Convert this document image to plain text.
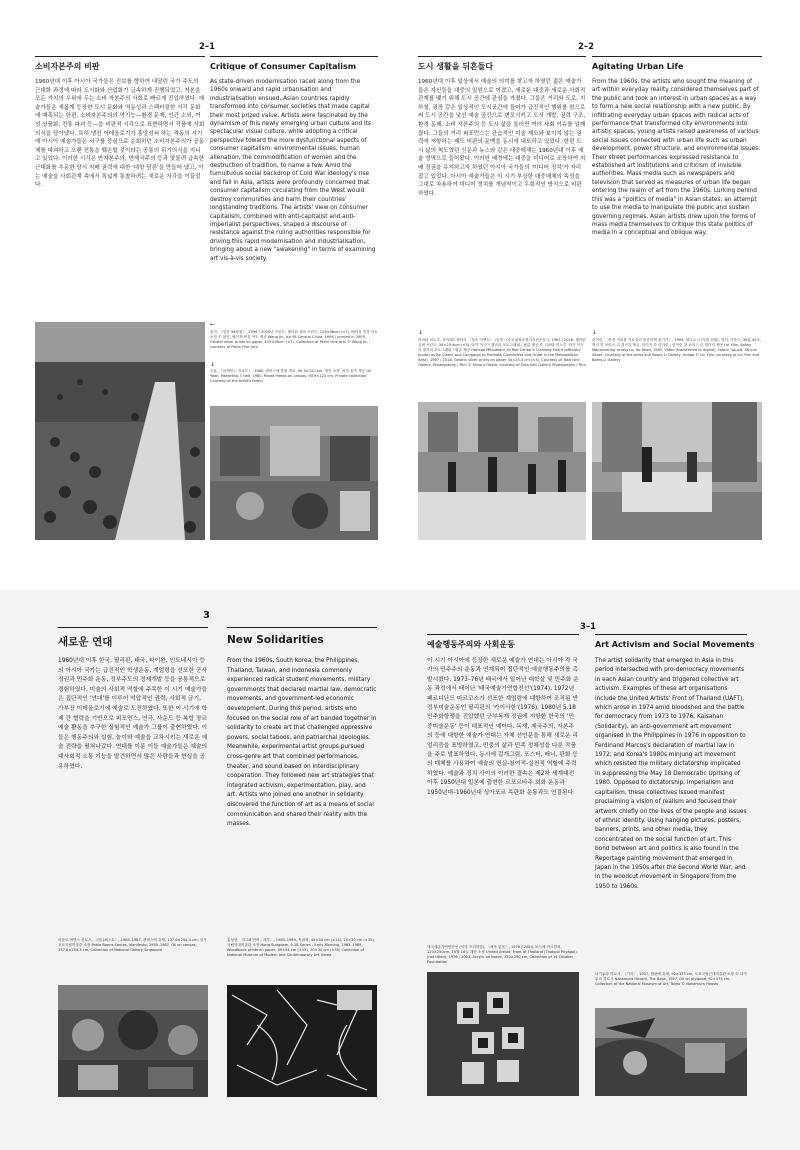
2–1
소비자본주의 비판	Critique of Consumer Capitalism
1960년대 이후 아시아 국가들은 진보를 향하여 내달린 국가 주도의 근대화 과정에 따라 도시화와 산업화가 급속하게 진행되었고, 자본을 모든 가치의 우위에 두는 소비 자본주의 사회로 빠르게 진입하였다. 예술가들은 새롭게 등장한 도시 문화와 역동성과 스펙터클한 시각 문화에 매혹되는 한편, 소비자본주의의 역기능—환경 문제, 인간 소외, 여성 상품화, 전통 파괴 등—을 비판적 시각으로 표현하면서 작품에 사회의식을 담아냈다. 특히 냉전 이데올로기가 흥망성쇠 하는 격동의 시기에 아시아 예술가들은 서구를 중심으로 순회하던 소비자본주의가 공동체를 파괴하고 오랜 전통을 훼손할 것이라는 공통의 위기의식을 지니고 있었다. 이러한 시각은 반자본주의, 반제국주의 등과 맞물려 급속한 근대화를 추동한 당시 지배 권력에 대한 '대항 담론'을 만들어 냈고, 이는 예술을 사회관계 속에서 폭넓게 통찰하려는 새로운 자각을 이끌었다.
As state-driven modernisation raced along from the 1960s onward and rapid urbanisation and industrialisation ensued, Asian countries rapidly transformed into consumer societies that made capital their most prized value. Artists were fascinated by the dynamism of this newly emerging urban culture and its spectacular visual culture, while adopting a critical perspective toward the more dysfunctional aspects of consumer capitalism: environmental issues, human alienation, the commodification of women and the destruction of tradition, to name a few. Amid the tumultuous social backdrop of Cold War ideology's rise and fall in Asia, artists were profoundly concerned that consumer capitalism circulating from the West would destroy communities and harm their countries' longstanding traditions. The artists' view on consumer capitalism, combined with anti-capitalist and anti-imperialist perspectives, shaped a discourse of resistance against the ruling authorities responsible for driving this rapid modernisation and industrialisation, bringing about a new "awakening" in terms of examining art vis-à-vis society.
←
왕진, 《얼음 96중원》, 1996 / 2005년 프린트, 젤라틴 실버 프린트, 129×98cm (×7), 베이징 북경 아트 소장 © 왕진, 베이징 북경 아트 제공 Wang Jin, Ice 96 Central China, 1996 / printed in 2005, Gelatin silver prints on paper, 129×98cm (×7), Collection of Pekin Fine Arts © Wang Jin ; courtesy of Pekin Fine Arts
↓
오윤, 《마케팅 Ⅰ: 지옥도》, 1980, 캔버스에 혼합 재료, 90.5×122 cm, 개인 소장, 작가 유족 제공 Oh Yoon, Marketing Ⅰ: Hell, 1980, Mixed media on canvas, 90.5×122 cm, Private collection, Courtesy of the artist's family
2–2
도시 생활을 뒤흔들다	Agitating Urban Life
1960년대 이후 일상에서 예술의 의미를 찾고자 하였던 젊은 예술가들은 자신들을 대중의 일원으로 여겼고, 새로운 대중과 새로운 사회적 관계를 맺기 위해 도시 공간에 관심을 가졌다. 그들은 거리와 도로, 지하철, 광장 같은 일상적인 도시공간에 들어가 급진적인 행위를 함으로써 도시 공간을 낯선 예술 공간으로 변모시키고 도시 개발, 권력 구조, 환경 문제, 소비 자본주의 등 도시 삶을 둘러싼 여러 사회 이슈를 일깨웠다. 그들의 거리 퍼포먼스는 관습적인 미술 제도와 보이지 않는 권력에 저항하는 제도 비판의 문맥을 동시에 내포하고 있었다. 한편 도시 삶의 척도였던 신문과 뉴스와 같은 대중매체는 1960년대 이후 예술 영역으로 들어왔다. 이러한 배경에는 대중을 미디어로 조장하여 지배 정권을 유지하고자 하였던 아시아 국가들의 '미디어 정치'가 자리 잡고 있었다. 아시아 예술가들은 이 시기 부상한 대중매체의 속성을 그대로 차용하여 미디어 정치를 개념적이고 우회적인 방식으로 비판하였다.
From the 1960s, the artists who sought the meaning of art within everyday reality considered themselves part of the public and took an interest in urban spaces as a way to form a new social relationship with a new public. By infiltrating everyday urban spaces with radical acts of performance that transformed city environments into artistic spaces, young artists raised awareness of various social issues connected with urban life such as urban development, power structure, and environmental issues. Their street performances expressed resistance to established art institutions and criticism of invisible authorities. Mass media such as newspapers and television that served as measures of urban life began entering the realm of art from the 1960s. Lurking behind this was a "politics of media" in Asian states: an attempt to use the media to manipulate the public and sustain governing regimes. Asian artists drew upon the forms of mass media themselves to critique this state politics of media in a conceptual and oblique way.
↓
히마타 미노루, 하이레드센터의 〈청소 이벤트〉 (일명 〈수도권정소정리촉진운동〉), 1967 / 2018, 젤라틴 실버 프린트, 34×23.4cm (×3), 타카 이시이 갤러리 포토그래피 / 필름 제공 © 히마타 미노루, 타카 이시이 갤러리 포토그래피 / 필름 제공 Hanago Mitsutoshi, Hi Red Center's Cleaning Event (officially known as Be Clean! and Campaign to Promote Cleanliness and Order in the Metropolitan Area), 1967 / 2018, Gelatin silver prints on paper 34×23.4 cm (×3), Courtesy of Taka Ishii Gallery, Photography / Film © Minoru Hirata; courtesy of Taka Ishii Gallery Photography / Film
↓
린이린, 〈안전 거리를 가로질러 린한하게 옮기기〉, 1995, 비디오 (디지털 전환), 컬러, 사운드, 36분 45초, 작가 및 보어스-리 갤러리 제공, 이미지 © 린이린 ; 린이린 및 보어스-리 갤러리 제공 Lin Yilin, Safely Maneuvering across Lin He Road, 1995, Video (transferred to digital), colour, sound, 36 min 45sec, Courtesy of the artist and Boers-Li Gallery, Image © Lin Yilin; courtesy of Lin Yilin and Boers-Li Gallery
3
새로운 연대	New Solidarities
1960년대 이후 한국, 필리핀, 태국, 타이완, 인도네시아 등의 아시아 국가는 급진적인 학생운동, 계엄령을 선포한 군사정권과 민주화 운동, 정부주도의 경제개발 등을 공통적으로 경험하였다. 미술의 사회적 역할에 주목한 이 시기 예술가들은 집단적인 '연대'를 이루어 억압적인 권력, 사회적 금기, 가부장 이데올로기에 예술로 도전하였다. 또한 이 시기에 학제 간 협력을 기반으로 퍼포먼스, 연극, 사운드 등 복합 장르 예술 활동을 추구한 실험적인 예술가 그룹이 출현하였다. 이들은 행동주의와 실험, 놀이와 예술을 교차시키는 새로운 예술 전략을 펼쳐나갔다. 연대를 이룬 이들 예술가들은 예술의 대사회적 소통 기능을 발견하면서 많은 사람들과 현실을 공유하였다.
From the 1960s, South Korea, the Philippines, Thailand, Taiwan, and Indonesia commonly experienced radical student movements, military governments that declared martial law, democratic movements, and government-led economic development. During this period, artists who focused on the social role of art banded together in solidarity to create art that challenged oppressive powers, social taboos, and patriarchal ideologies. Meanwhile, experimental artist groups pursued cross-genre art that combined performances, theater, and sound based on interdisciplinary cooperation. They followed new art strategies that integrated activism, experimentation, play, and art. Artists who joined one another in solidarity discovered the function of art as a means of social communication and shared their reality with the masses.
파블로 바엔스 산토스, 〈매니페스토〉, 1985–1987, 캔버스에 유채, 137.6×254.3 cm, 싱가포르국립미술관 소장 Pablo Baens Santos, Manifesto, 1985–1987, Oil on canvas, 137.6×254.3 cm, Collection of National Gallery Singapore
홍성담, 〈5.18 연작 - 세부〉, 1983–1989, 목판화, 45×54 cm (×15), 20×30 cm (×35), 국립현대미술관 소장 Hong Sungdam, 5.18 Series - Early Morning, 1983–1989, Woodblock prints on paper, 45×54 cm (×15), 20×30 cm (×35) Collection of National Museum of Modern and Contemporary Art, Korea
3–1
예술행동주의와 사회운동	Art Activism and Social Movements
이 시기 아시아에 등장한 새로운 예술가 연대는 아시아 각 국가의 민주주의 운동과 연계되어 집단적인 예술행동주의를 촉발시켰다. 1973–76년 태국에서 일어난 대학살 및 민주화 운동 과정에서 태어난 '태국예술가연합전선'(1974), 1972년 페르디난드 마르코스가 선포한 계엄령에 대항하여 조직된 반정부미술운동인 필리핀의 '카이사한'(1976), 1980년 5.18민주화항쟁을 진압했던 군부독재 정권에 저항한 한국의 '민중미술운동' 등이 대표적인 예이다. 독재, 제국주의, 자본주의 등에 대항한 예술가 연대는 자체 선언문을 통해 새로운 리얼리즘을 표방하였고, 민중의 삶과 민족 정체성을 다룬 작품을 주로 발표하였다. 동시에 걸개그림, 포스터, 배너, 판화 등의 매체를 사용하여 예술의 현실-참여적-실천적 역할에 주력하였다. 예술과 정치 사이의 이러한 결속은 제2차 세계대전 이후 1950년대 일본에 출현한 르포르타주 회화 운동과 1950년대–1960년대 싱가포르 목판화 운동과도 연결된다.
The artist solidarity that emerged in Asia in this period intersected with pro-democracy movements in each Asian country and triggered collective art activism. Examples of these art organisations include the United Artists' Front of Thailand (UAFT), which arose in 1974 amid bloodshed and the battle for democracy from 1973 to 1976; Kaisahan (Solidarity), an anti-government art movement organised in the Philippines in 1976 in opposition to Ferdinand Marcos's declaration of martial law in 1972; and Korea's 1980s minjung art movement which resisted the military dictatorship implicated in suppressing the May 18 Democratic Uprising of 1980. Opposed to dictatorship, imperialism and capitalism, these collectives issued manifest proclaiming a vision of realism and focused their artwork chiefly on the lives of the people and issues of ethnic identity. Using hanging pictures, posters, banners, prints, and other media, they concentrated on the social function of art. This bond between art and politics is also found in the Reportage painting movement that emerged in Japan in the 1950s after the Second World War, and in the woodcut movement in Singapore from the 1950 to 1960s.
태국예술가연합전선 (익명 프리미엄), 〈제목 없음〉, 1976 / 2003, 보드에 아크릴릭, 120×250cm, 10월 14일 재단 소장 United Artists' Front of Thailand (Thakpol Priyapol), (not titled), 1976 / 2003, Acrylic on board, 120×250 cm, Collection of 14 October Foundation
나카무라 히로시, 〈기지〉, 1957, 합판에 유채, 92×175 cm, 도쿄국립근대미술관 소장 © 나카무라 히로시 Nakamura Hiroshi, The Base, 1957, Oil on plywood, 92×175 cm, Collection of the National Museum of Art, Tokyo © Nakamura Hiroshi
